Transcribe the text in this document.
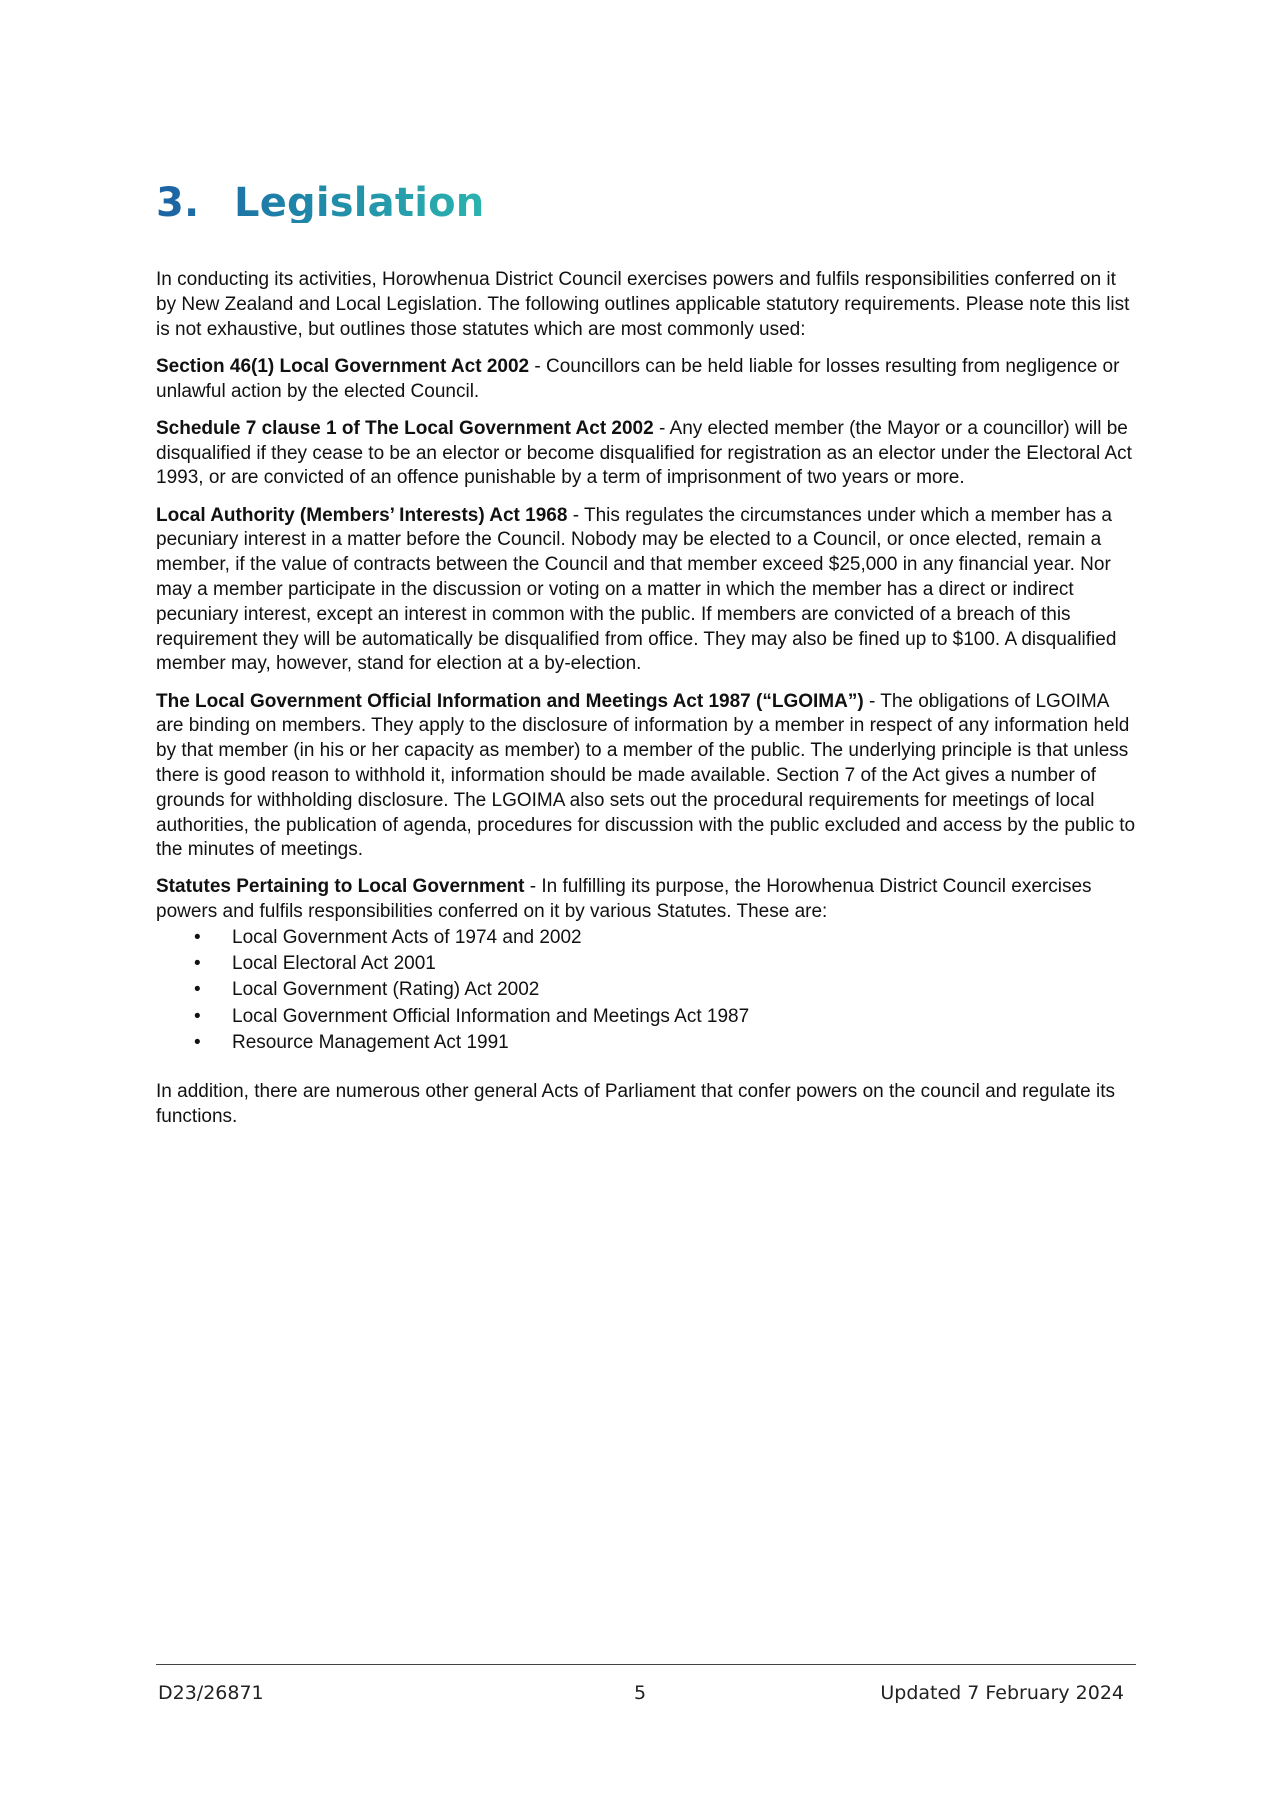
3. Legislation

In conducting its activities, Horowhenua District Council exercises powers and fulfils responsibilities conferred on it by New Zealand and Local Legislation. The following outlines applicable statutory requirements. Please note this list is not exhaustive, but outlines those statutes which are most commonly used:

Section 46(1) Local Government Act 2002 - Councillors can be held liable for losses resulting from negligence or unlawful action by the elected Council.

Schedule 7 clause 1 of The Local Government Act 2002 - Any elected member (the Mayor or a councillor) will be disqualified if they cease to be an elector or become disqualified for registration as an elector under the Electoral Act 1993, or are convicted of an offence punishable by a term of imprisonment of two years or more.

Local Authority (Members’ Interests) Act 1968 - This regulates the circumstances under which a member has a pecuniary interest in a matter before the Council. Nobody may be elected to a Council, or once elected, remain a member, if the value of contracts between the Council and that member exceed $25,000 in any financial year. Nor may a member participate in the discussion or voting on a matter in which the member has a direct or indirect pecuniary interest, except an interest in common with the public. If members are convicted of a breach of this requirement they will be automatically be disqualified from office. They may also be fined up to $100. A disqualified member may, however, stand for election at a by-election.

The Local Government Official Information and Meetings Act 1987 (“LGOIMA”) - The obligations of LGOIMA are binding on members. They apply to the disclosure of information by a member in respect of any information held by that member (in his or her capacity as member) to a member of the public. The underlying principle is that unless there is good reason to withhold it, information should be made available. Section 7 of the Act gives a number of grounds for withholding disclosure. The LGOIMA also sets out the procedural requirements for meetings of local authorities, the publication of agenda, procedures for discussion with the public excluded and access by the public to the minutes of meetings.

Statutes Pertaining to Local Government - In fulfilling its purpose, the Horowhenua District Council exercises powers and fulfils responsibilities conferred on it by various Statutes. These are:

• Local Government Acts of 1974 and 2002
• Local Electoral Act 2001
• Local Government (Rating) Act 2002
• Local Government Official Information and Meetings Act 1987
• Resource Management Act 1991

In addition, there are numerous other general Acts of Parliament that confer powers on the council and regulate its functions.

D23/26871	5	Updated 7 February 2024
